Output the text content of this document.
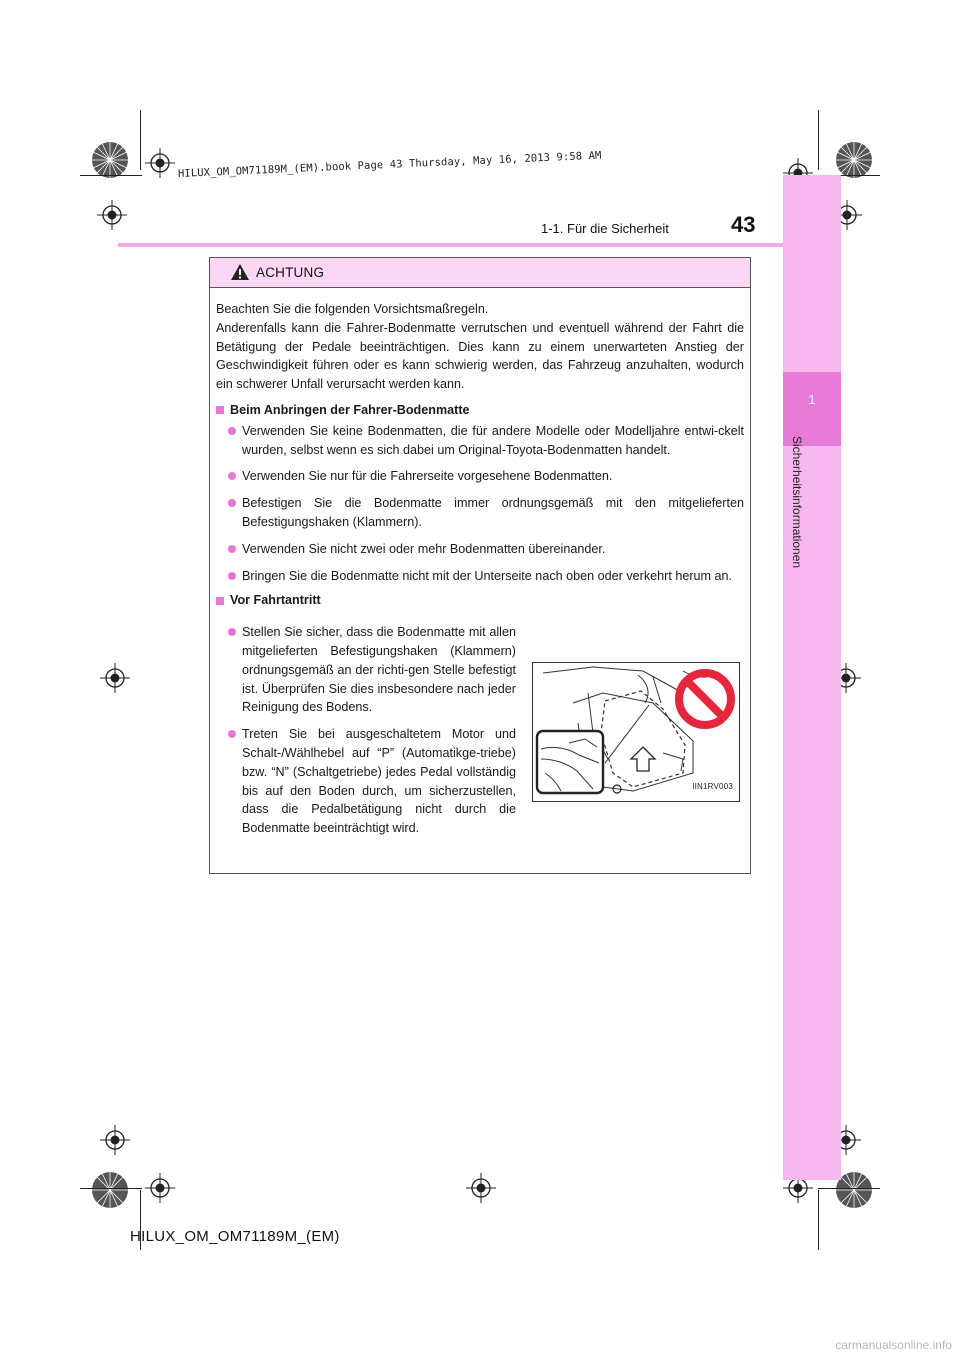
HILUX_OM_OM71189M_(EM).book Page 43 Thursday, May 16, 2013 9:58 AM
1-1. Für die Sicherheit	43
1
Sicherheitsinformationen
ACHTUNG

Beachten Sie die folgenden Vorsichtsmaßregeln.

Anderenfalls kann die Fahrer-Bodenmatte verrutschen und eventuell während der Fahrt die Betätigung der Pedale beeinträchtigen. Dies kann zu einem unerwarteten Anstieg der Geschwindigkeit führen oder es kann schwierig werden, das Fahrzeug anzuhalten, wodurch ein schwerer Unfall verursacht werden kann.

Beim Anbringen der Fahrer-Bodenmatte
Verwenden Sie keine Bodenmatten, die für andere Modelle oder Modelljahre entwi-ckelt wurden, selbst wenn es sich dabei um Original-Toyota-Bodenmatten handelt.
Verwenden Sie nur für die Fahrerseite vorgesehene Bodenmatten.
Befestigen Sie die Bodenmatte immer ordnungsgemäß mit den mitgelieferten Befestigungshaken (Klammern).
Verwenden Sie nicht zwei oder mehr Bodenmatten übereinander.
Bringen Sie die Bodenmatte nicht mit der Unterseite nach oben oder verkehrt herum an.
Vor Fahrtantritt
Stellen Sie sicher, dass die Bodenmatte mit allen mitgelieferten Befestigungshaken (Klammern) ordnungsgemäß an der richti-gen Stelle befestigt ist. Überprüfen Sie dies insbesondere nach jeder Reinigung des Bodens.
Treten Sie bei ausgeschaltetem Motor und Schalt-/Wählhebel auf “P” (Automatikge-triebe) bzw. “N” (Schaltgetriebe) jedes Pedal vollständig bis auf den Boden durch, um sicherzustellen, dass die Pedalbetätigung nicht durch die Bodenmatte beeinträchtigt wird.
IIN1RV003
HILUX_OM_OM71189M_(EM)
carmanualsonline.info
